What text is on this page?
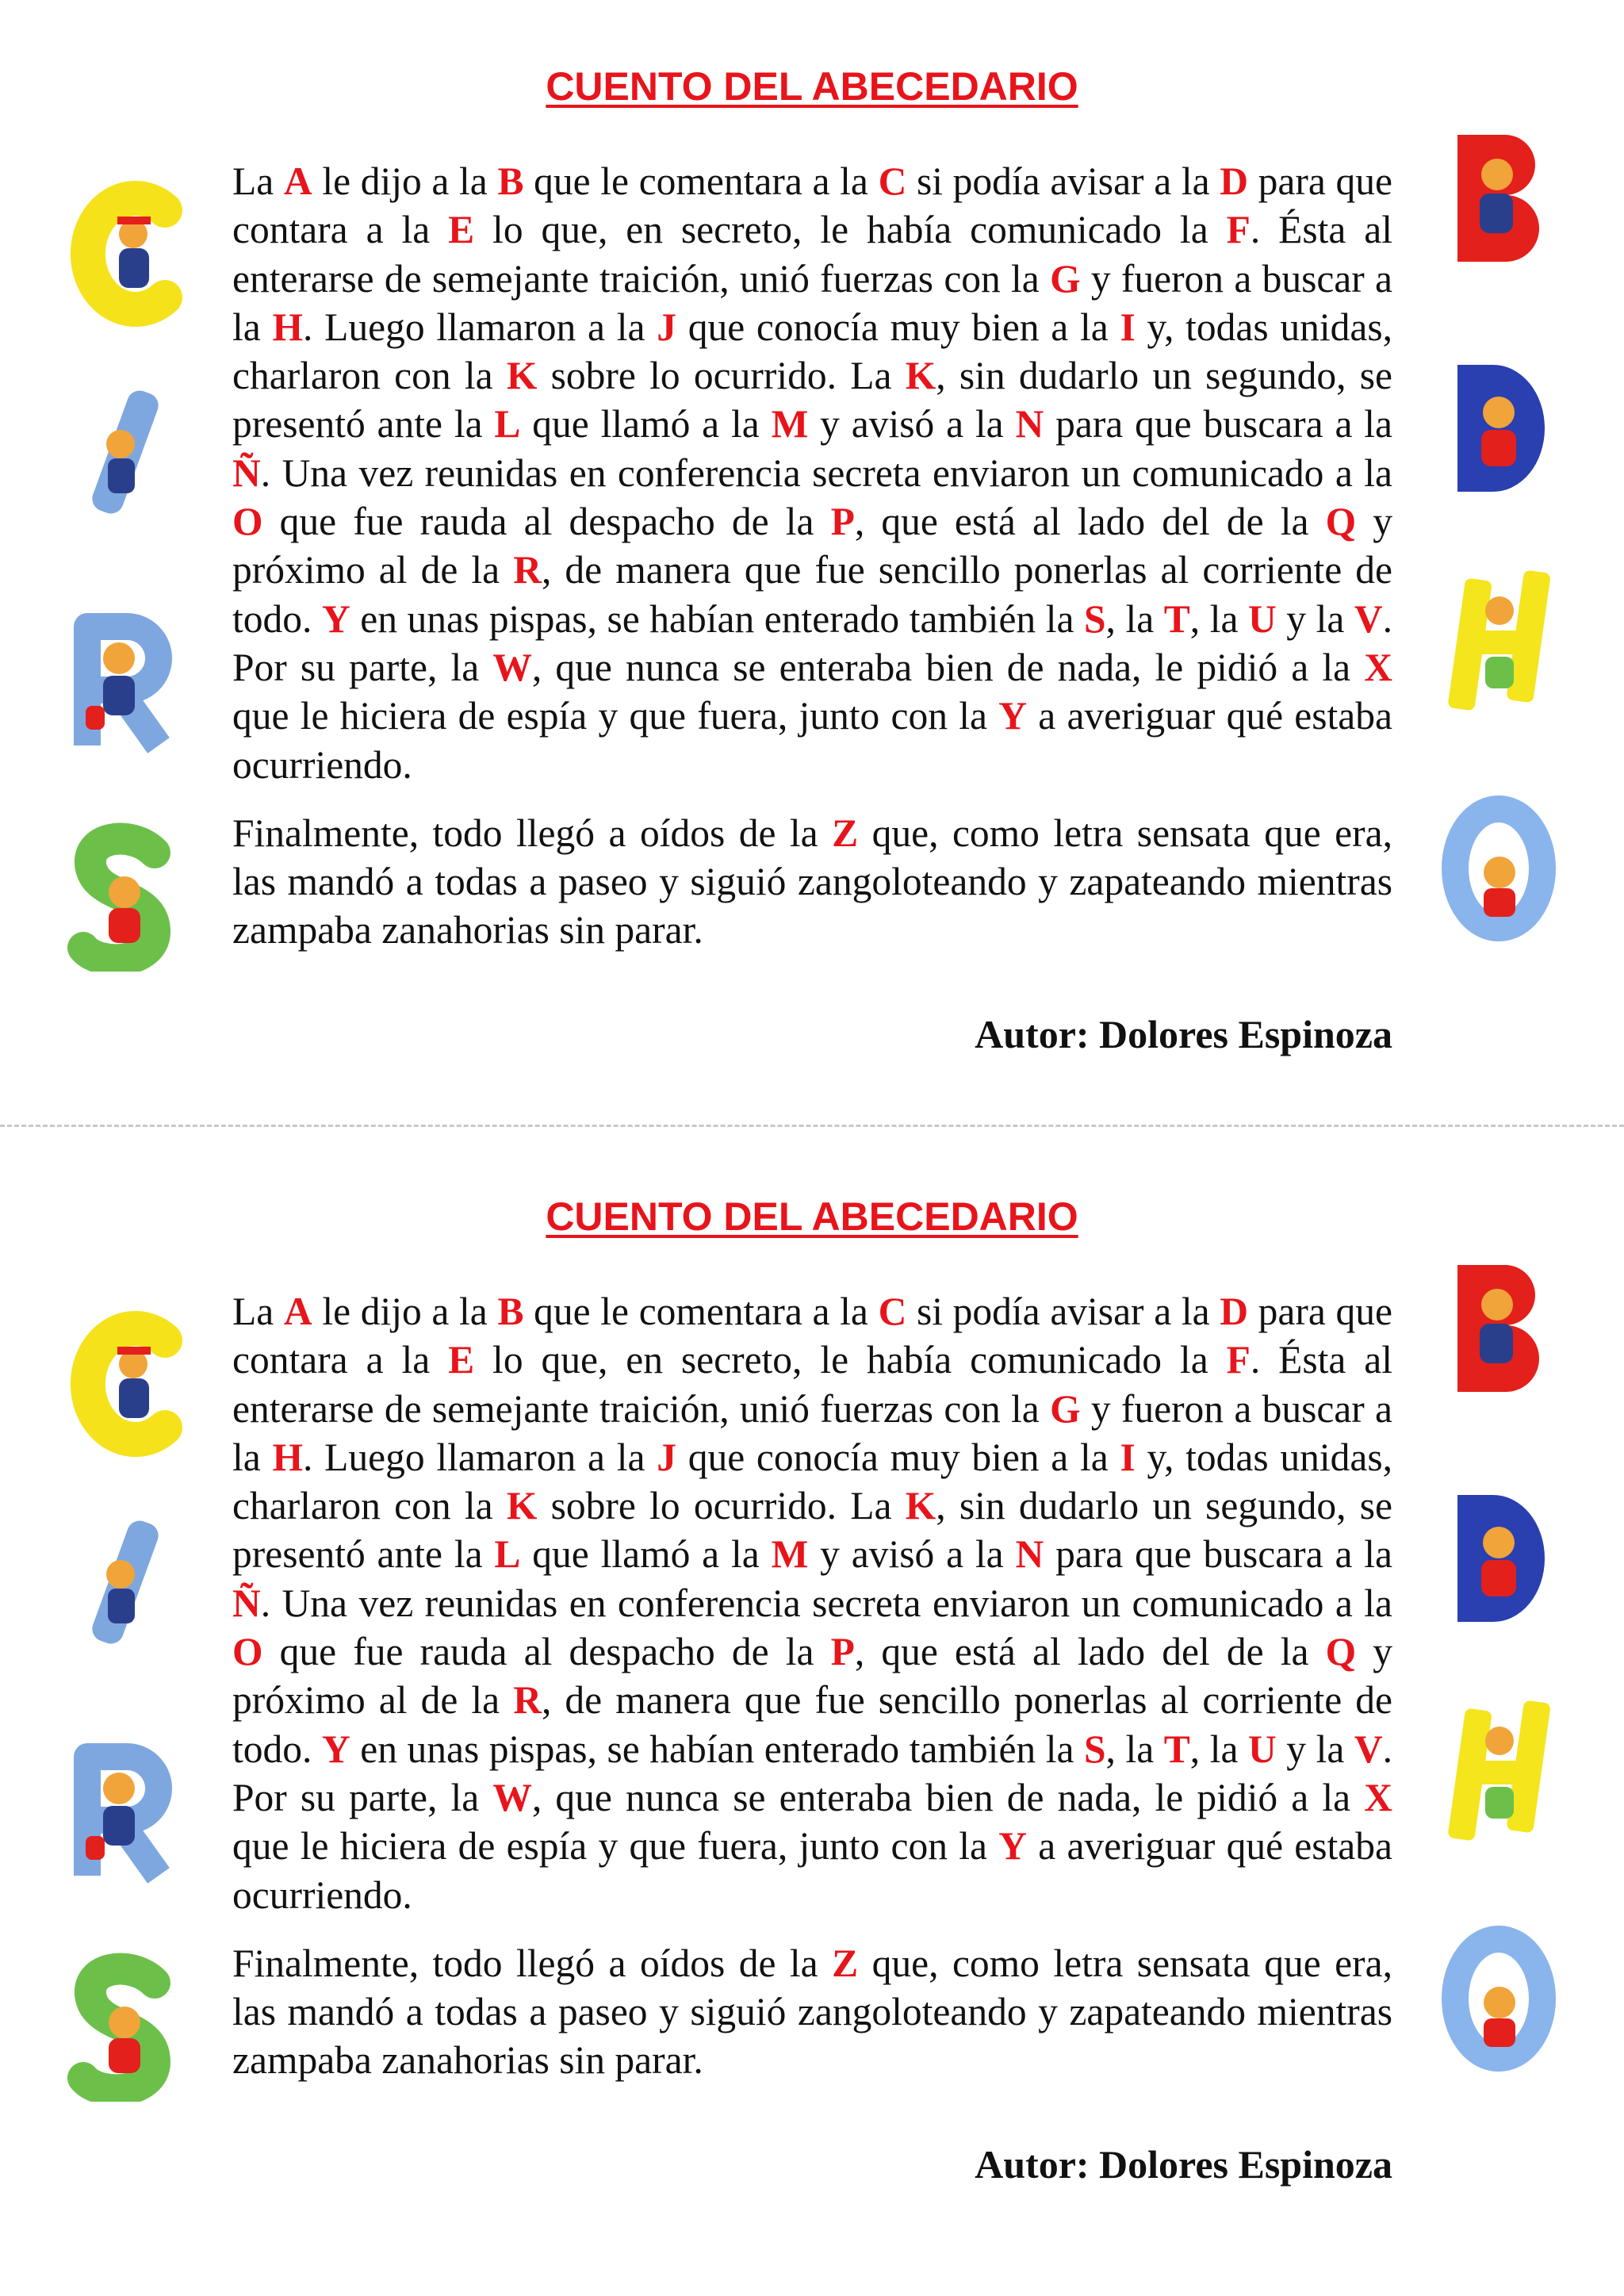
CUENTO DEL ABECEDARIO

La A le dijo a la B que le comentara a la C si podía avisar a la D para que contara a la E lo que, en secreto, le había comunicado la F. Ésta al enterarse de semejante traición, unió fuerzas con la G y fueron a buscar a la H. Luego llamaron a la J que conocía muy bien a la I y, todas unidas, charlaron con la K sobre lo ocurrido. La K, sin dudarlo un segundo, se presentó ante la L que llamó a la M y avisó a la N para que buscara a la Ñ. Una vez reunidas en conferencia secreta enviaron un comunicado a la O que fue rauda al despacho de la P, que está al lado del de la Q y próximo al de la R, de manera que fue sencillo ponerlas al corriente de todo. Y en unas pispas, se habían enterado también la S, la T, la U y la V. Por su parte, la W, que nunca se enteraba bien de nada, le pidió a la X que le hiciera de espía y que fuera, junto con la Y a averiguar qué estaba ocurriendo.

Finalmente, todo llegó a oídos de la Z que, como letra sensata que era, las mandó a todas a paseo y siguió zangoloteando y zapateando mientras zampaba zanahorias sin parar.

Autor: Dolores Espinoza

CUENTO DEL ABECEDARIO

La A le dijo a la B que le comentara a la C si podía avisar a la D para que contara a la E lo que, en secreto, le había comunicado la F. Ésta al enterarse de semejante traición, unió fuerzas con la G y fueron a buscar a la H. Luego llamaron a la J que conocía muy bien a la I y, todas unidas, charlaron con la K sobre lo ocurrido. La K, sin dudarlo un segundo, se presentó ante la L que llamó a la M y avisó a la N para que buscara a la Ñ. Una vez reunidas en conferencia secreta enviaron un comunicado a la O que fue rauda al despacho de la P, que está al lado del de la Q y próximo al de la R, de manera que fue sencillo ponerlas al corriente de todo. Y en unas pispas, se habían enterado también la S, la T, la U y la V. Por su parte, la W, que nunca se enteraba bien de nada, le pidió a la X que le hiciera de espía y que fuera, junto con la Y a averiguar qué estaba ocurriendo.

Finalmente, todo llegó a oídos de la Z que, como letra sensata que era, las mandó a todas a paseo y siguió zangoloteando y zapateando mientras zampaba zanahorias sin parar.

Autor: Dolores Espinoza
